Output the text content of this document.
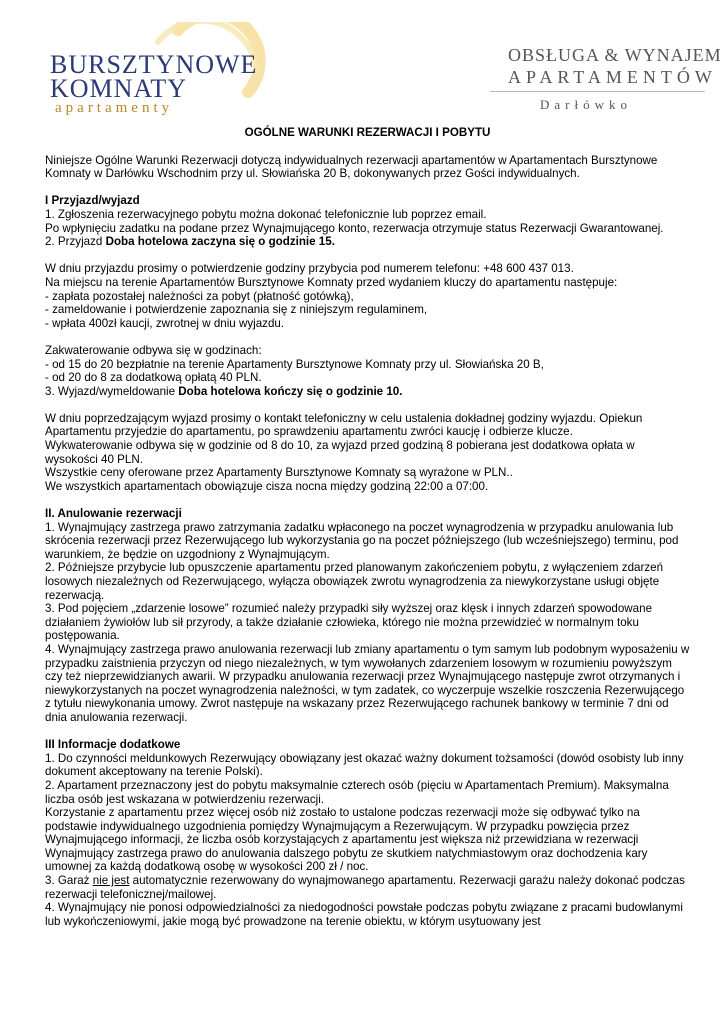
BURSZTYNOWE
KOMNATY
apartamenty
OBSŁUGA & WYNAJEM
APARTAMENTÓW
Darłówko
OGÓLNE WARUNKI REZERWACJI I POBYTU

Niniejsze Ogólne Warunki Rezerwacji dotyczą indywidualnych rezerwacji apartamentów w Apartamentach Bursztynowe Komnaty w Darłówku Wschodnim przy ul. Słowiańska 20 B, dokonywanych przez Gości indywidualnych.

I Przyjazd/wyjazd

1. Zgłoszenia rezerwacyjnego pobytu można dokonać telefonicznie lub poprzez email.

Po wpłynięciu zadatku na podane przez Wynajmującego konto, rezerwacja otrzymuje status Rezerwacji Gwarantowanej.

2. Przyjazd Doba hotelowa zaczyna się o godzinie 15.

W dniu przyjazdu prosimy o potwierdzenie godziny przybycia pod numerem telefonu: +48 600 437 013.

Na miejscu na terenie Apartamentów Bursztynowe Komnaty przed wydaniem kluczy do apartamentu następuje:

- zapłata pozostałej należności za pobyt (płatność gotówką),

- zameldowanie i potwierdzenie zapoznania się z niniejszym regulaminem,

- wpłata 400zł kaucji, zwrotnej w dniu wyjazdu.

Zakwaterowanie odbywa się w godzinach:

- od 15 do 20 bezpłatnie na terenie Apartamenty Bursztynowe Komnaty przy ul. Słowiańska 20 B,

- od 20 do 8 za dodatkową opłatą 40 PLN.

3. Wyjazd/wymeldowanie Doba hotelowa kończy się o godzinie 10.

W dniu poprzedzającym wyjazd prosimy o kontakt telefoniczny w celu ustalenia dokładnej godziny wyjazdu. Opiekun Apartamentu przyjedzie do apartamentu, po sprawdzeniu apartamentu zwróci kaucję i odbierze klucze.

Wykwaterowanie odbywa się w godzinie od 8 do 10, za wyjazd przed godziną 8 pobierana jest dodatkowa opłata w wysokości 40 PLN.

Wszystkie ceny oferowane przez Apartamenty Bursztynowe Komnaty są wyrażone w PLN..

We wszystkich apartamentach obowiązuje cisza nocna między godziną 22:00 a 07:00.

II. Anulowanie rezerwacji

1. Wynajmujący zastrzega prawo zatrzymania zadatku wpłaconego na poczet wynagrodzenia w przypadku anulowania lub skrócenia rezerwacji przez Rezerwującego lub wykorzystania go na poczet późniejszego (lub wcześniejszego) terminu, pod warunkiem, że będzie on uzgodniony z Wynajmującym.

2. Późniejsze przybycie lub opuszczenie apartamentu przed planowanym zakończeniem pobytu, z wyłączeniem zdarzeń losowych niezależnych od Rezerwującego, wyłącza obowiązek zwrotu wynagrodzenia za niewykorzystane usługi objęte rezerwacją.

3. Pod pojęciem „zdarzenie losowe” rozumieć należy przypadki siły wyższej oraz klęsk i innych zdarzeń spowodowane działaniem żywiołów lub sił przyrody, a także działanie człowieka, którego nie można przewidzieć w normalnym toku postępowania.

4. Wynajmujący zastrzega prawo anulowania rezerwacji lub zmiany apartamentu o tym samym lub podobnym wyposażeniu w przypadku zaistnienia przyczyn od niego niezależnych, w tym wywołanych zdarzeniem losowym w rozumieniu powyższym czy też nieprzewidzianych awarii. W przypadku anulowania rezerwacji przez Wynajmującego następuje zwrot otrzymanych i niewykorzystanych na poczet wynagrodzenia należności, w tym zadatek, co wyczerpuje wszelkie roszczenia Rezerwującego z tytułu niewykonania umowy. Zwrot następuje na wskazany przez Rezerwującego rachunek bankowy w terminie 7 dni od dnia anulowania rezerwacji.

III Informacje dodatkowe

1. Do czynności meldunkowych Rezerwujący obowiązany jest okazać ważny dokument tożsamości (dowód osobisty lub inny dokument akceptowany na terenie Polski).

2. Apartament przeznaczony jest do pobytu maksymalnie czterech osób (pięciu w Apartamentach Premium). Maksymalna liczba osób jest wskazana w potwierdzeniu rezerwacji.

Korzystanie z apartamentu przez więcej osób niż zostało to ustalone podczas rezerwacji może się odbywać tylko na podstawie indywidualnego uzgodnienia pomiędzy Wynajmującym a Rezerwującym. W przypadku powzięcia przez Wynajmującego informacji, że liczba osób korzystających z apartamentu jest większa niż przewidziana w rezerwacji Wynajmujący zastrzega prawo do anulowania dalszego pobytu ze skutkiem natychmiastowym oraz dochodzenia kary umownej za każdą dodatkową osobę w wysokości 200 zł / noc.

3. Garaż nie jest automatycznie rezerwowany do wynajmowanego apartamentu. Rezerwacji garażu należy dokonać podczas rezerwacji telefonicznej/mailowej.

4. Wynajmujący nie ponosi odpowiedzialności za niedogodności powstałe podczas pobytu związane z pracami budowlanymi lub wykończeniowymi, jakie mogą być prowadzone na terenie obiektu, w którym usytuowany jest
